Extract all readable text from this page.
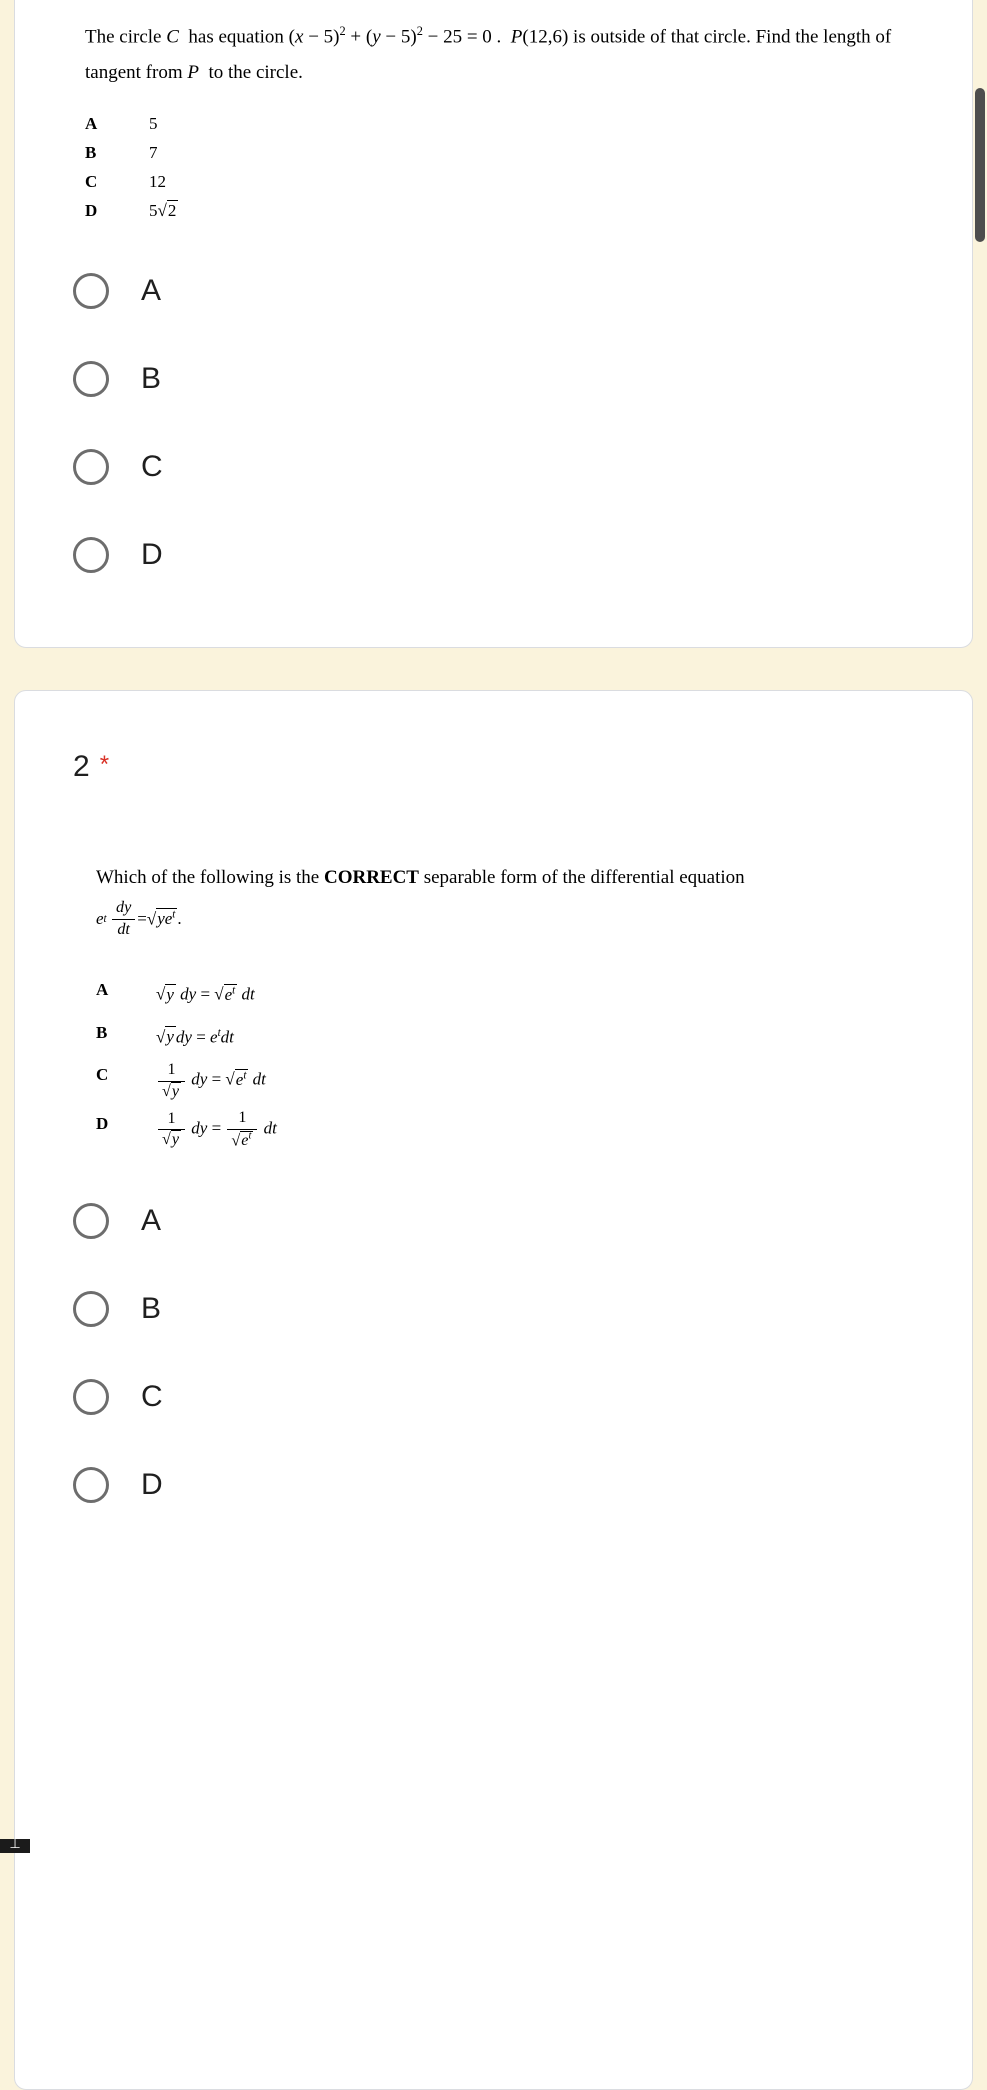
The circle C  has equation $(x - 5)^2 + (y - 5)^2 - 25 = 0$ .  P(12,6) is outside of that circle. Find the length of tangent from P  to the circle.
A	5
B	7
C	12
D	5√2
A
B
C
D
2 *
Which of the following is the CORRECT separable form of the differential equation
e t
  $\frac{dy}{dt} = √ye^t$ .
A	√y dy = $√e^t$ dt
B	√y dy = $e^tdt$
C	$\frac{1}{√y}$ dy = $√e^t$ dt
D	$\frac{1}{√y}$ dy = $\frac{1}{√e^t}$ dt
A
B
C
D
⊥
